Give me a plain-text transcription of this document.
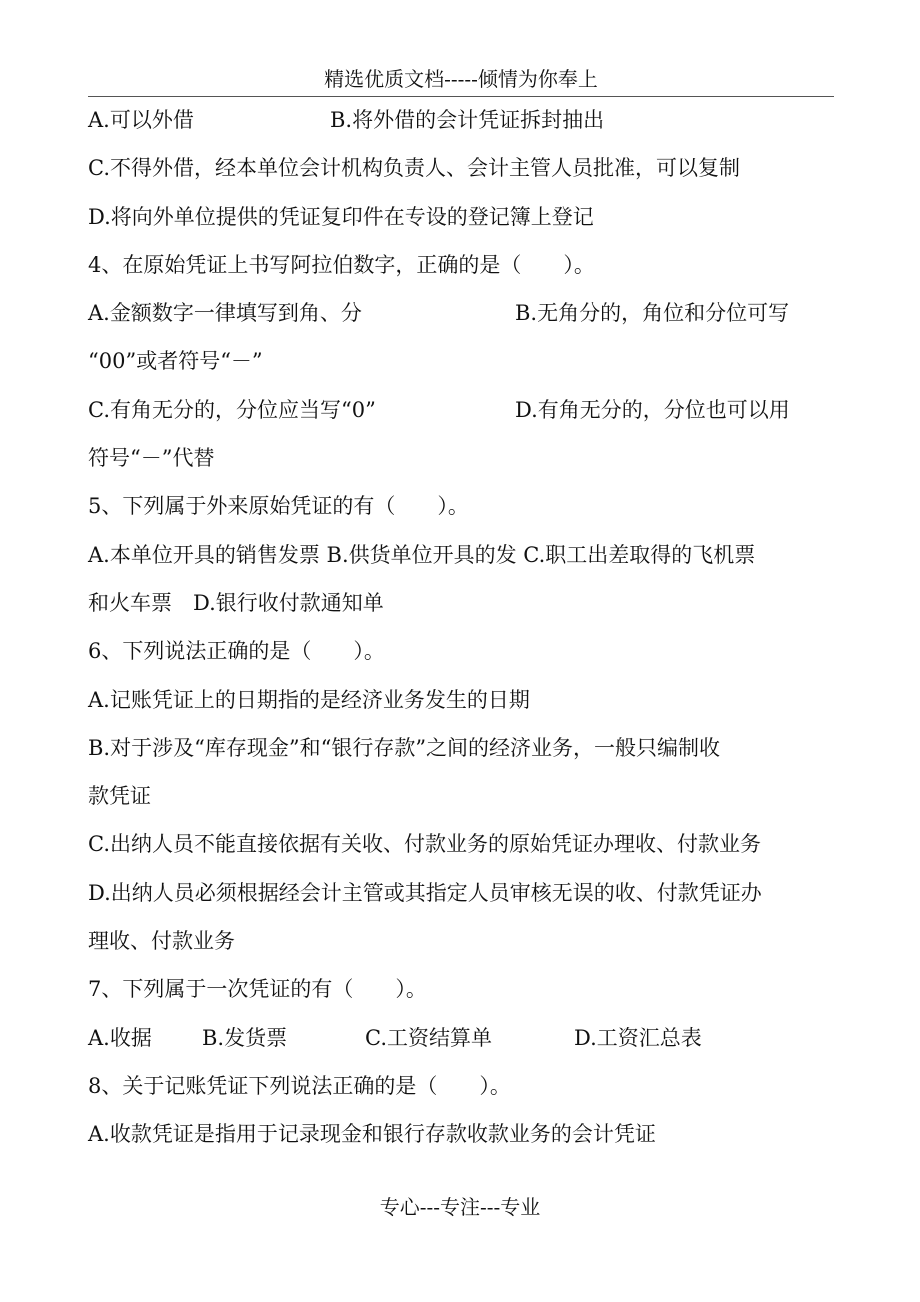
精选优质文档-----倾情为你奉上
A.可以外借	B.将外借的会计凭证拆封抽出
C.不得外借，经本单位会计机构负责人、会计主管人员批准，可以复制
D.将向外单位提供的凭证复印件在专设的登记簿上登记
4、在原始凭证上书写阿拉伯数字，正确的是（　　）。
A.金额数字一律填写到角、分	B.无角分的，角位和分位可写
“00”或者符号“－”
C.有角无分的，分位应当写“0”	D.有角无分的，分位也可以用
符号“－”代替
5、下列属于外来原始凭证的有（　　）。
A.本单位开具的销售发票 B.供货单位开具的发 C.职工出差取得的飞机票
和火车票　D.银行收付款通知单
6、下列说法正确的是（　　）。
A.记账凭证上的日期指的是经济业务发生的日期
B.对于涉及“库存现金”和“银行存款”之间的经济业务，一般只编制收
款凭证
C.出纳人员不能直接依据有关收、付款业务的原始凭证办理收、付款业务
D.出纳人员必须根据经会计主管或其指定人员审核无误的收、付款凭证办
理收、付款业务
7、下列属于一次凭证的有（　　）。
A.收据 B.发货票	C.工资结算单	D.工资汇总表
8、关于记账凭证下列说法正确的是（　　）。
A.收款凭证是指用于记录现金和银行存款收款业务的会计凭证
专心---专注---专业
